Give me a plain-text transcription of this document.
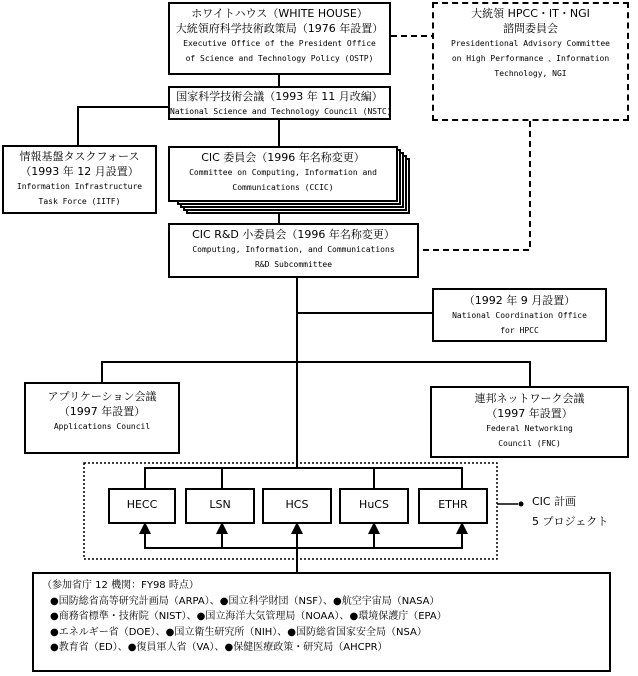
ホワイトハウス（WHITE HOUSE）
大統領府科学技術政策局（1976 年設置）
Executive Office of the President Office
of Science and Technology Policy (OSTP)
大統領 HPCC・IT・NGI
諮問委員会
Presidentional Advisory Committee
on High Performance 、Information
Technology, NGI
国家科学技術会議（1993 年 11 月改編）
National Science and Technology Council (NSTC)
情報基盤タスクフォース
（1993 年 12 月設置）
Information Infrastructure
Task Force (IITF)
CIC 委員会（1996 年名称変更）
Committee on Computing, Information and
Communications (CCIC)
CIC R&D 小委員会（1996 年名称変更）
Computing, Information, and Communications
R&D Subcommittee
（1992 年 9 月設置）
National Coordination Office
for HPCC
アプリケーション会議
（1997 年設置）
Applications Council
連邦ネットワーク会議
（1997 年設置）
Federal Networking
Council (FNC)
HECC	LSN	HCS	HuCS	ETHR	CIC 計画
5 プロジェクト
（参加省庁 12 機関：FY98 時点）
●国防総省高等研究計画局（ARPA）、●国立科学財団（NSF）、●航空宇宙局（NASA）
●商務省標準・技術院（NIST）、●国立海洋大気管理局（NOAA）、●環境保護庁（EPA）
●エネルギー省（DOE）、●国立衛生研究所（NIH）、●国防総省国家安全局（NSA）
●教育省（ED）、●復員軍人省（VA）、●保健医療政策・研究局（AHCPR）
